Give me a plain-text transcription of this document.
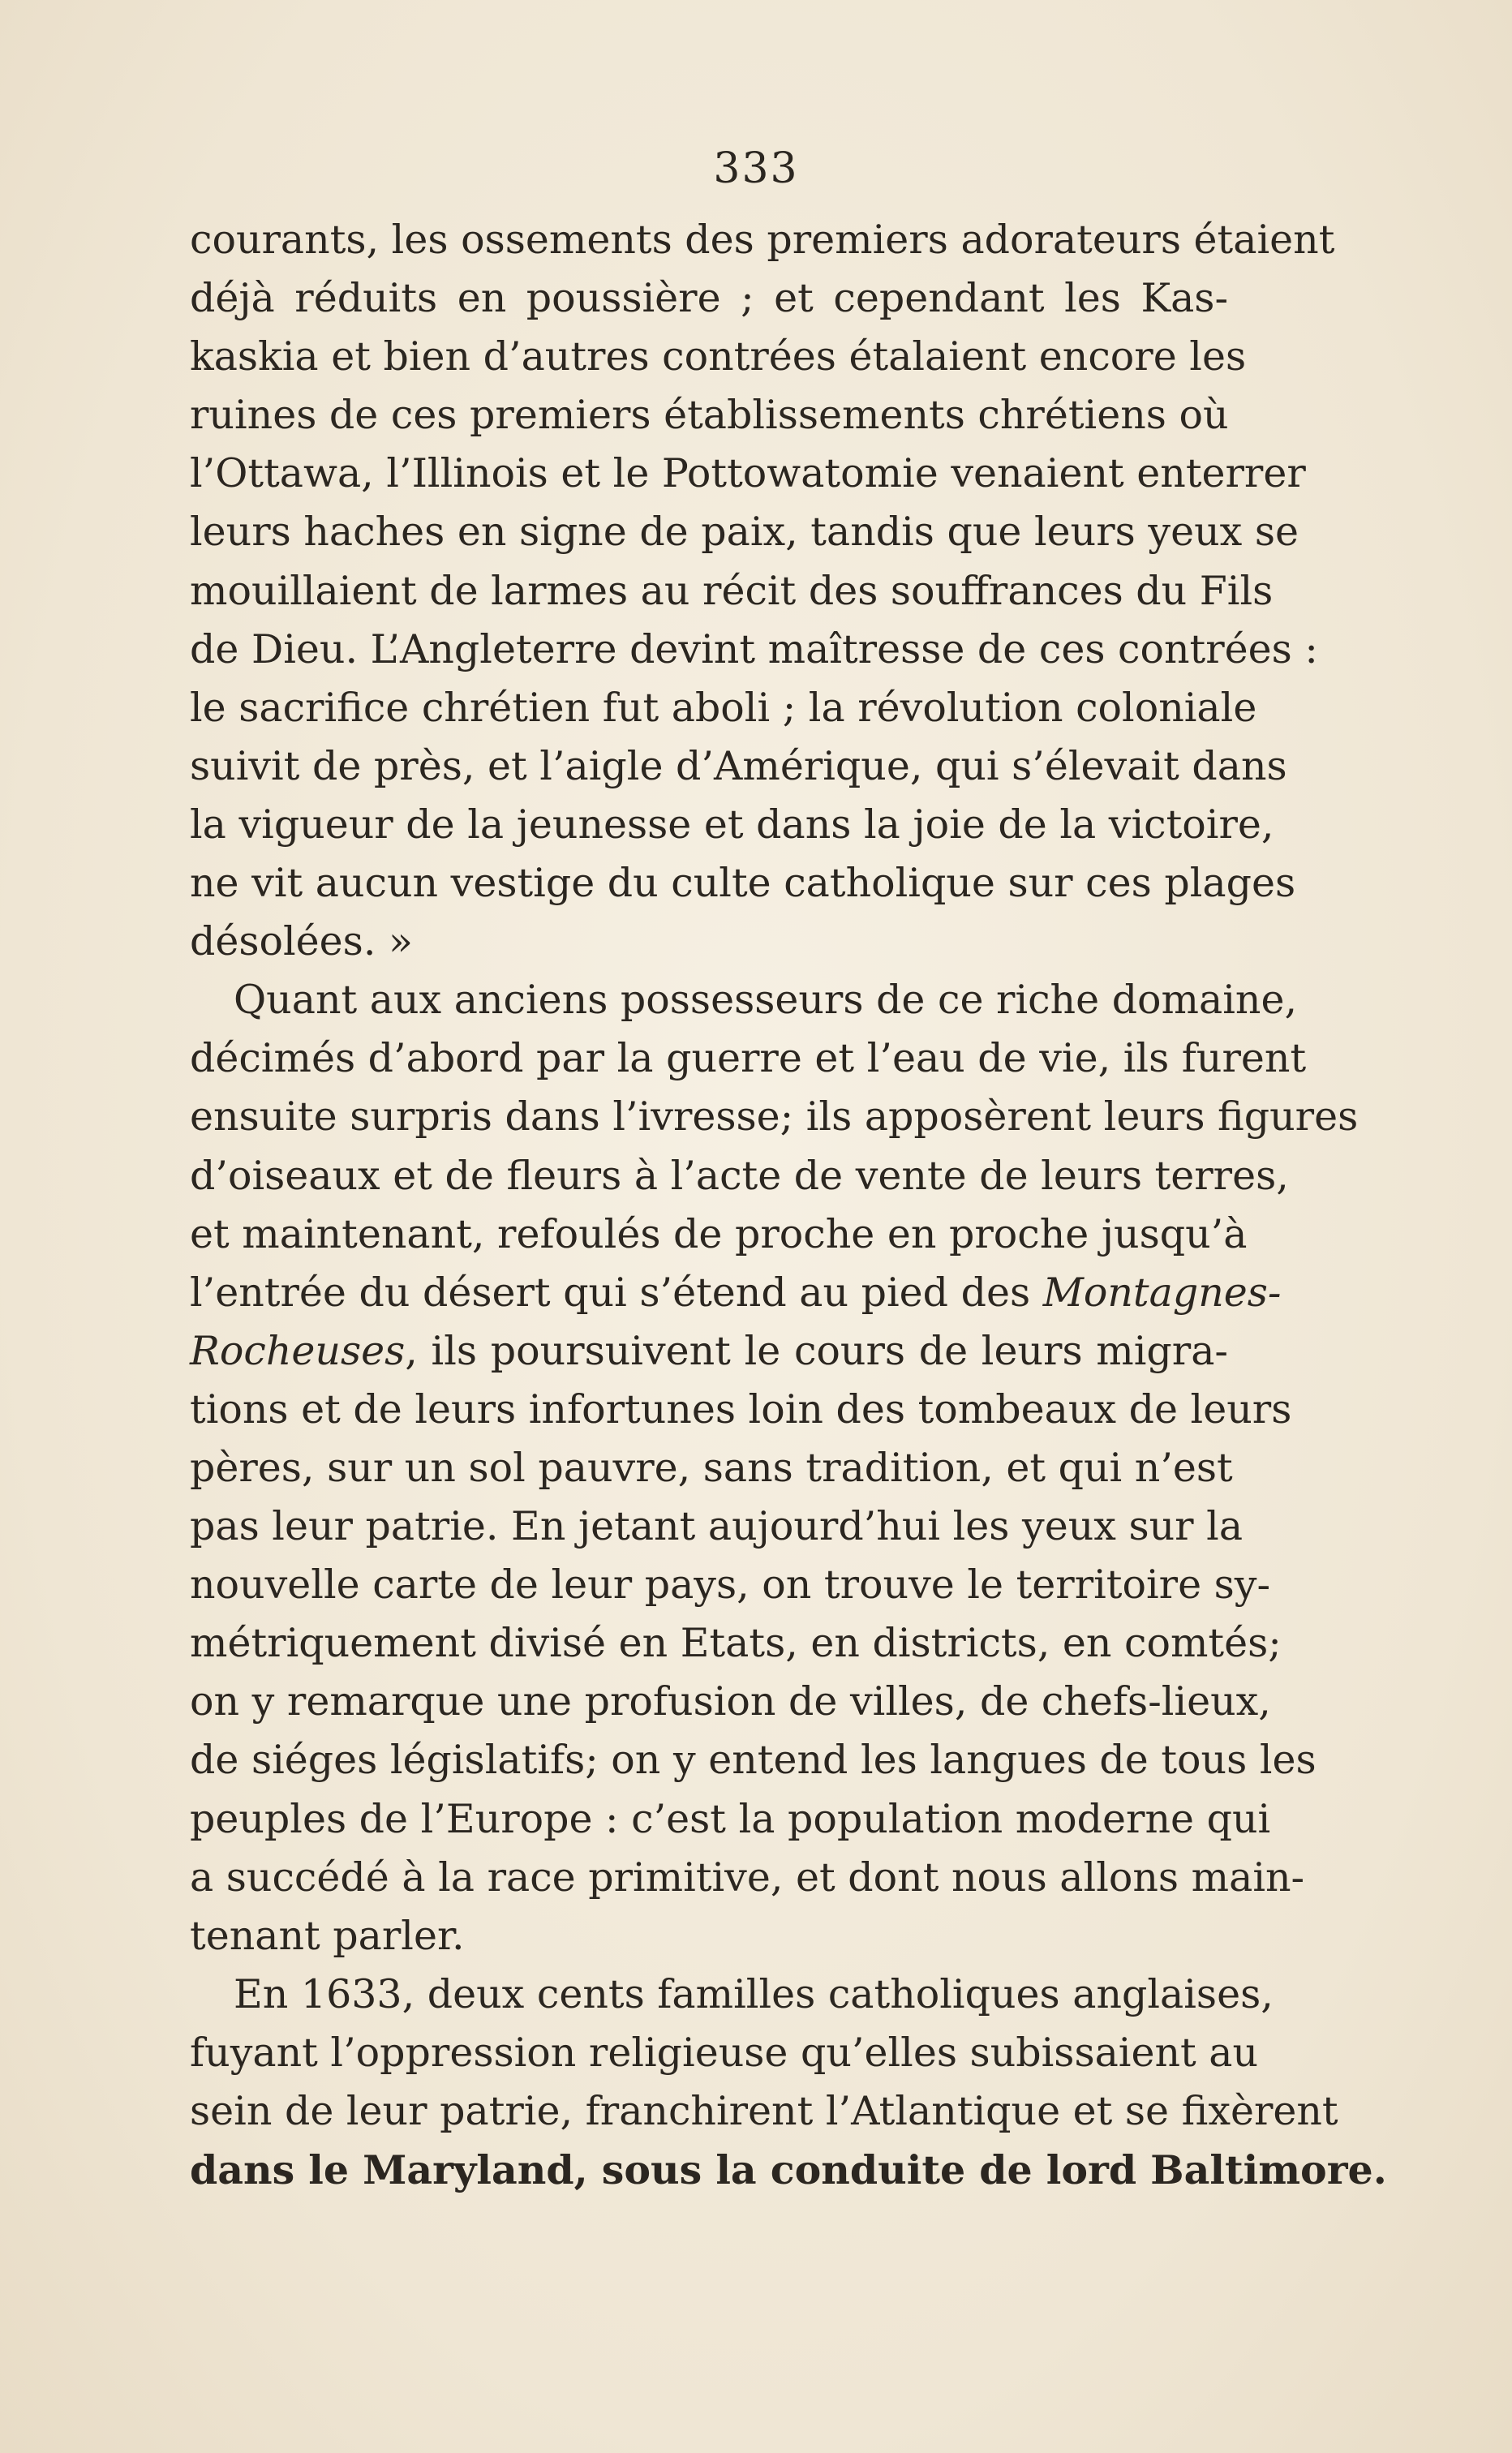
333
courants, les ossements des premiers adorateurs étaient
déjà réduits en poussière ; et cependant les Kas-
kaskia et bien d’autres contrées étalaient encore les
ruines de ces premiers établissements chrétiens où
l’Ottawa, l’Illinois et le Pottowatomie venaient enterrer
leurs haches en signe de paix, tandis que leurs yeux se
mouillaient de larmes au récit des souffrances du Fils
de Dieu. L’Angleterre devint maîtresse de ces contrées :
le sacrifice chrétien fut aboli ; la révolution coloniale
suivit de près, et l’aigle d’Amérique, qui s’élevait dans
la vigueur de la jeunesse et dans la joie de la victoire,
ne vit aucun vestige du culte catholique sur ces plages
désolées. »
Quant aux anciens possesseurs de ce riche domaine,
décimés d’abord par la guerre et l’eau de vie, ils furent
ensuite surpris dans l’ivresse; ils apposèrent leurs figures
d’oiseaux et de fleurs à l’acte de vente de leurs terres,
et maintenant, refoulés de proche en proche jusqu’à
l’entrée du désert qui s’étend au pied des Montagnes-
Rocheuses, ils poursuivent le cours de leurs migra-
tions et de leurs infortunes loin des tombeaux de leurs
pères, sur un sol pauvre, sans tradition, et qui n’est
pas leur patrie. En jetant aujourd’hui les yeux sur la
nouvelle carte de leur pays, on trouve le territoire sy-
métriquement divisé en Etats, en districts, en comtés;
on y remarque une profusion de villes, de chefs-lieux,
de siéges législatifs; on y entend les langues de tous les
peuples de l’Europe : c’est la population moderne qui
a succédé à la race primitive, et dont nous allons main-
tenant parler.
En 1633, deux cents familles catholiques anglaises,
fuyant l’oppression religieuse qu’elles subissaient au
sein de leur patrie, franchirent l’Atlantique et se fixèrent
dans le Maryland, sous la conduite de lord Baltimore.
